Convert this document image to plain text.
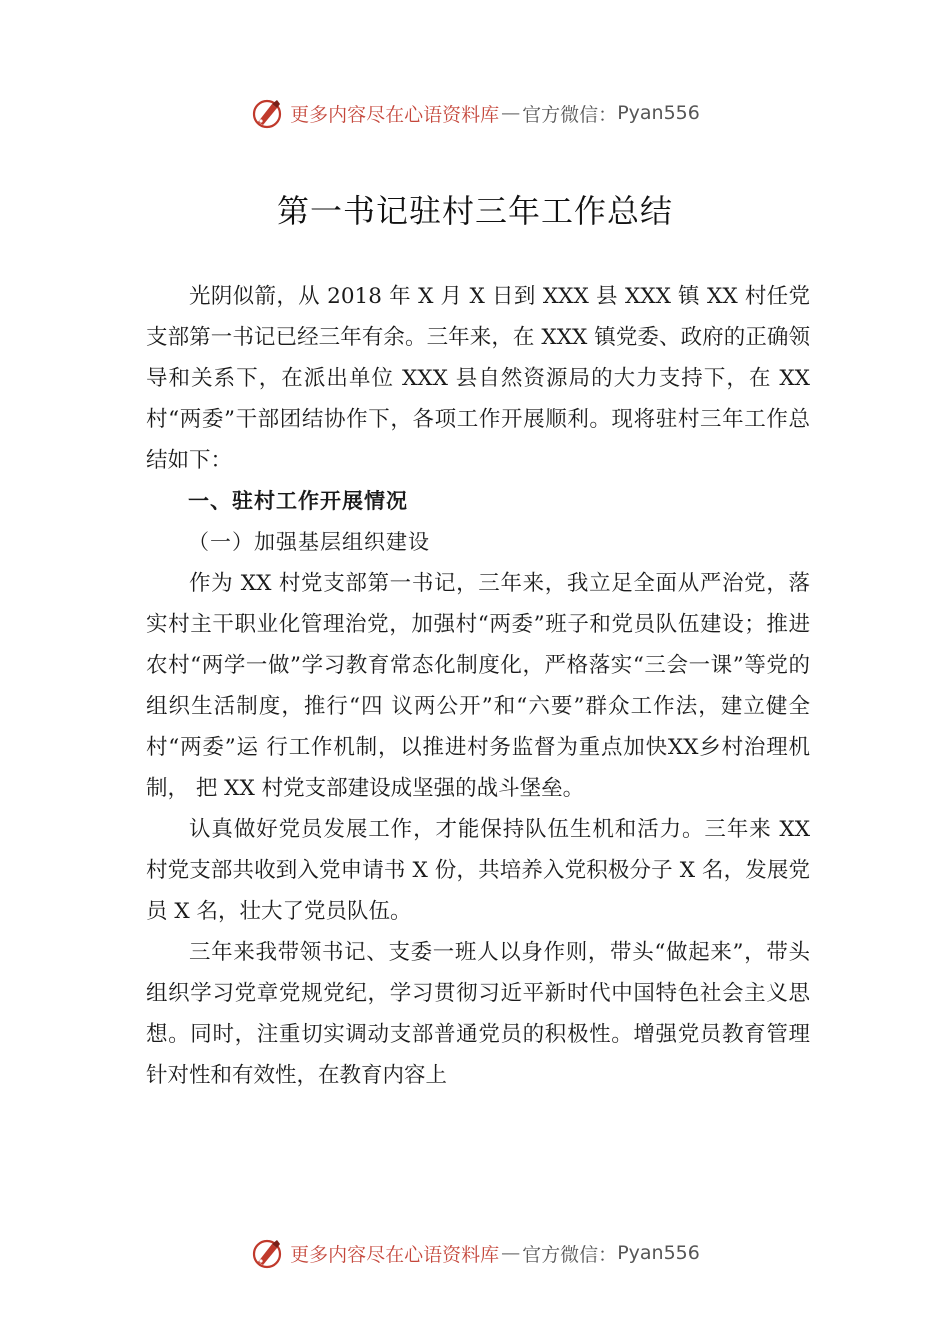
更多内容尽在心语资料库 — 官方微信： Pyan556
第一书记驻村三年工作总结

光阴似箭，从 2018 年 X 月 X 日到 XXX 县 XXX 镇 XX 村任党支部第一书记已经三年有余。三年来，在 XXX 镇党委、政府的正确领导和关系下，在派出单位 XXX 县自然资源局的大力支持下，在 XX 村“两委”干部团结协作下，各项工作开展顺利。现将驻村三年工作总结如下：

一、驻村工作开展情况
（一）加强基层组织建设

作为 XX 村党支部第一书记，三年来，我立足全面从严治党，落实村主干职业化管理治党，加强村“两委”班子和党员队伍建设；推进农村“两学一做”学习教育常态化制度化，严格落实“三会一课”等党的组织生活制度，推行“四 议两公开”和“六要”群众工作法，建立健全村“两委”运 行工作机制，以推进村务监督为重点加快XX乡村治理机制， 把 XX 村党支部建设成坚强的战斗堡垒。

认真做好党员发展工作，才能保持队伍生机和活力。三年来 XX 村党支部共收到入党申请书 X 份，共培养入党积极分子 X 名，发展党员 X 名，壮大了党员队伍。

三年来我带领书记、支委一班人以身作则，带头“做起来”，带头组织学习党章党规党纪，学习贯彻习近平新时代中国特色社会主义思想。同时，注重切实调动支部普通党员的积极性。增强党员教育管理针对性和有效性，在教育内容上

更多内容尽在心语资料库 — 官方微信： Pyan556
